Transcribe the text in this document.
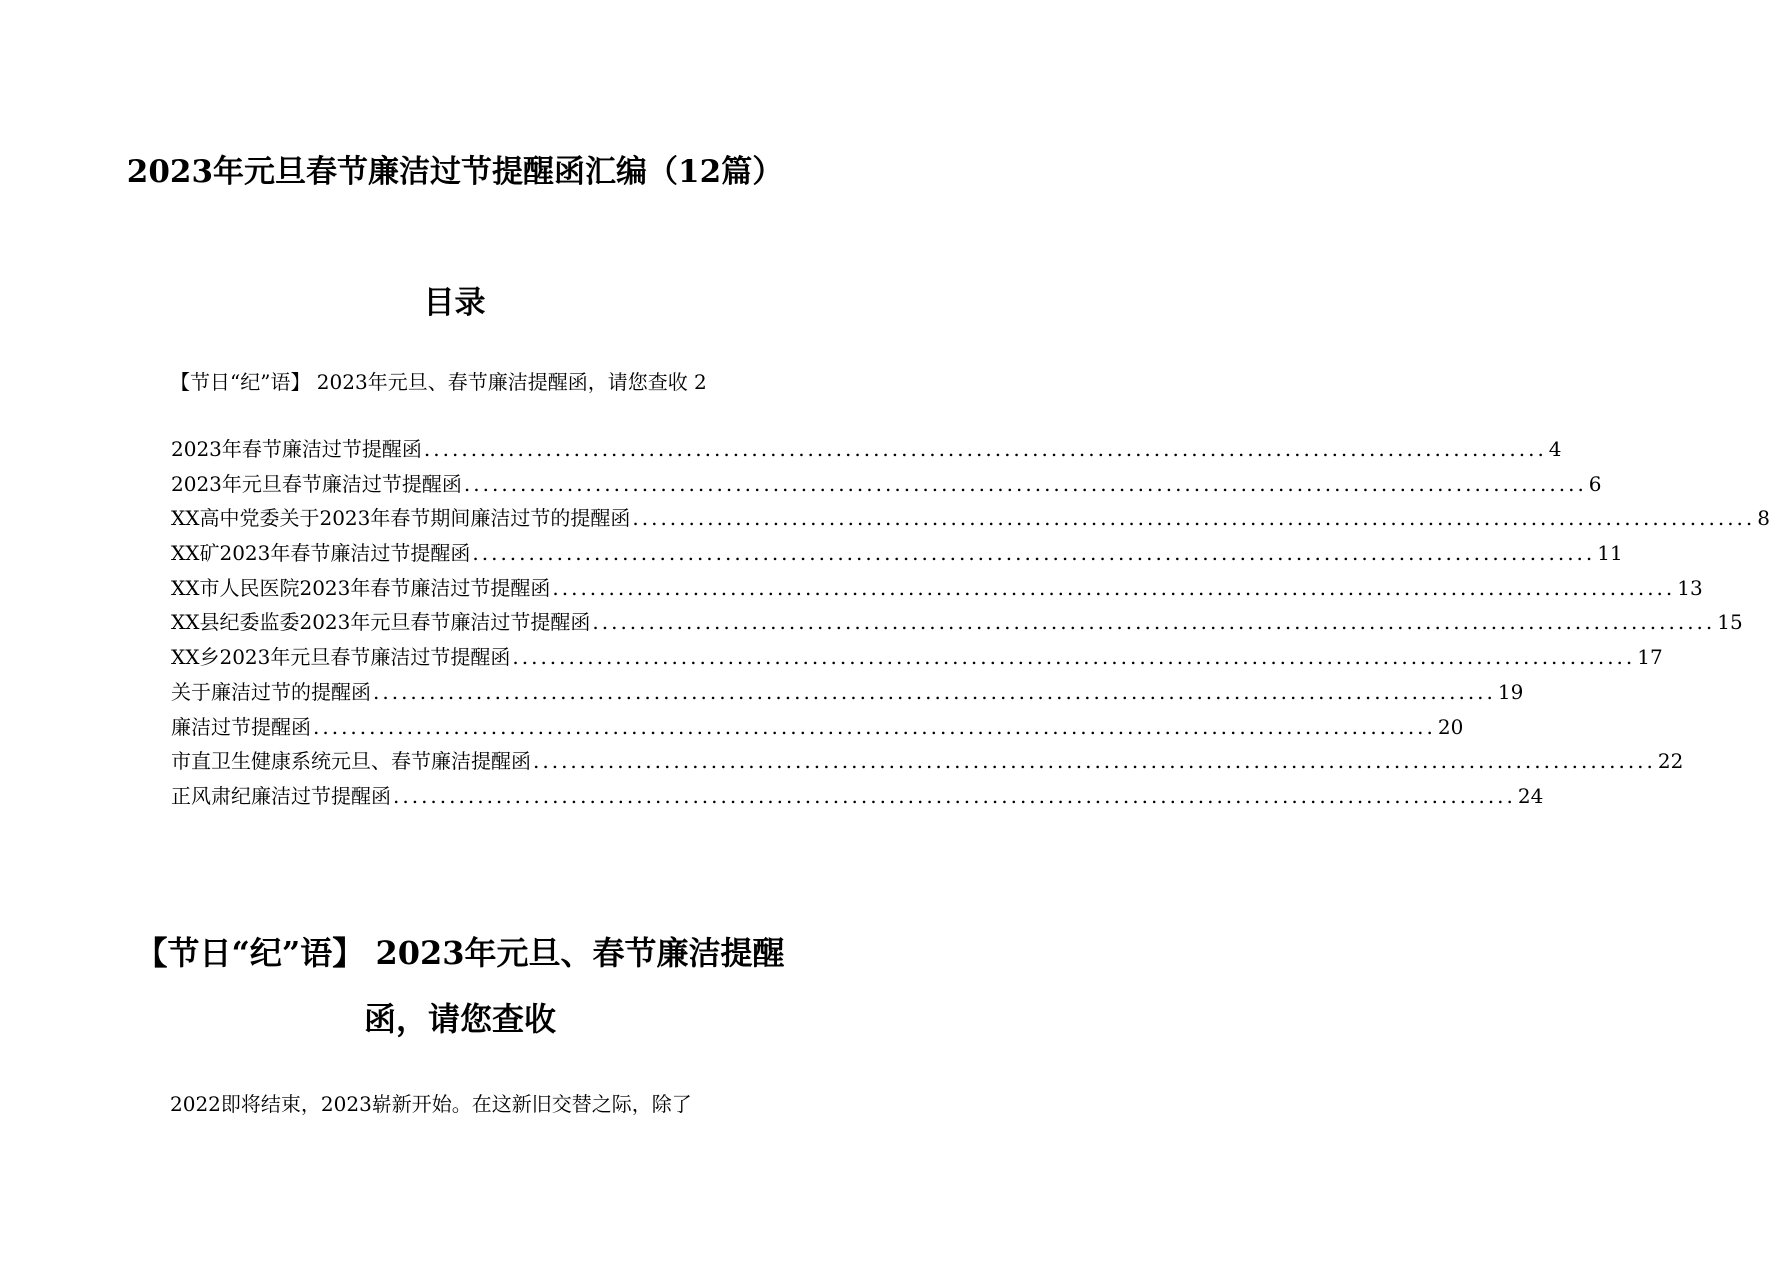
2023年元旦春节廉洁过节提醒函汇编（12篇）
目录
【节日“纪”语】 2023年元旦、春节廉洁提醒函，请您查收 2
2023年春节廉洁过节提醒函 ........................................................................................................................ 4
2023年元旦春节廉洁过节提醒函 ........................................................................................................................ 6
XX高中党委关于2023年春节期间廉洁过节的提醒函 ........................................................................................................................ 8
XX矿2023年春节廉洁过节提醒函 ........................................................................................................................ 11
XX市人民医院2023年春节廉洁过节提醒函 ........................................................................................................................ 13
XX县纪委监委2023年元旦春节廉洁过节提醒函 ........................................................................................................................ 15
XX乡2023年元旦春节廉洁过节提醒函 ........................................................................................................................ 17
关于廉洁过节的提醒函 ........................................................................................................................ 19
廉洁过节提醒函 ........................................................................................................................ 20
市直卫生健康系统元旦、春节廉洁提醒函 ........................................................................................................................ 22
正风肃纪廉洁过节提醒函 ........................................................................................................................ 24
【节日“纪”语】 2023年元旦、春节廉洁提醒函，请您查收
2022即将结束，2023崭新开始。在这新旧交替之际，除了
